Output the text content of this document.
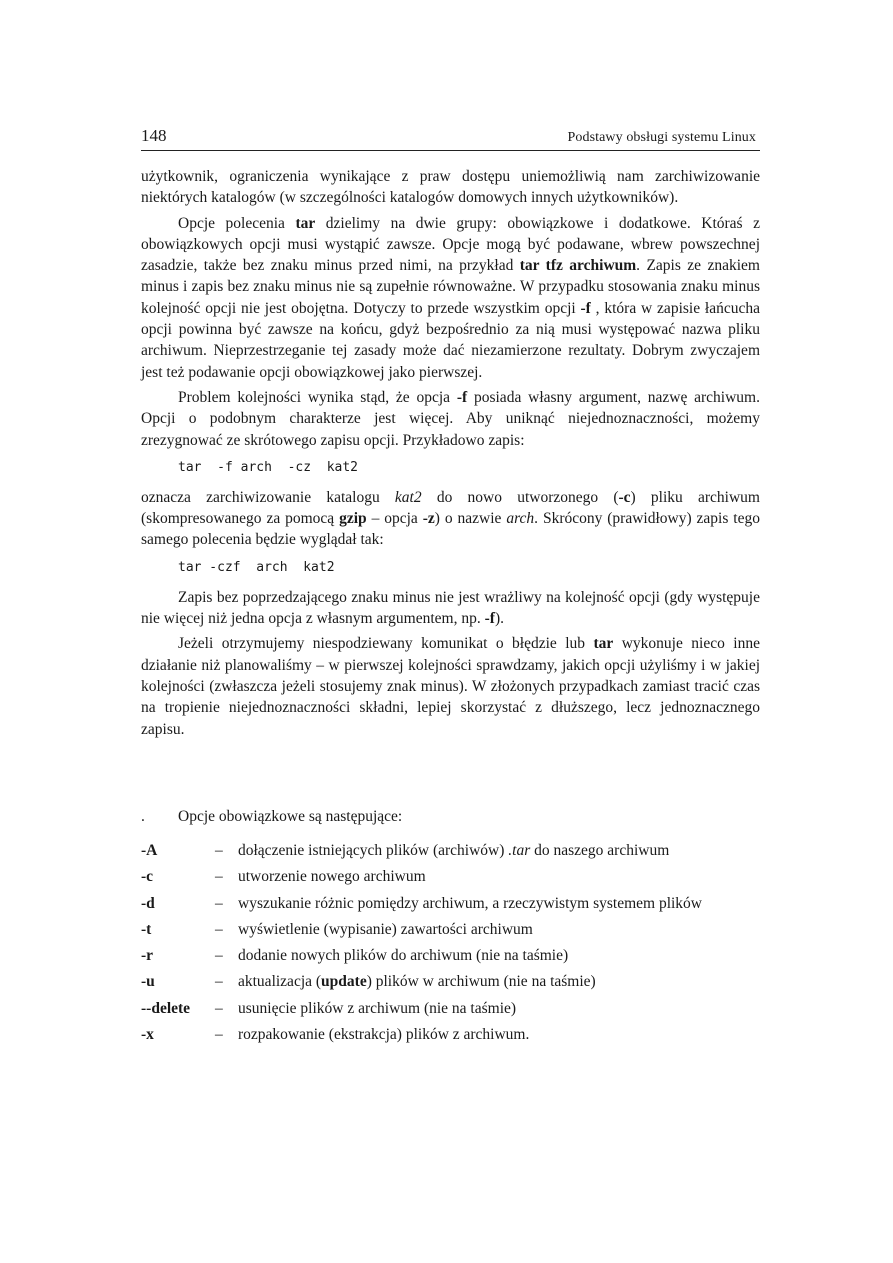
148	Podstawy obsługi systemu Linux

użytkownik, ograniczenia wynikające z praw dostępu uniemożliwią nam zarchiwizowanie niektórych katalogów (w szczególności katalogów domowych innych użytkowników).

Opcje polecenia tar dzielimy na dwie grupy: obowiązkowe i dodatkowe. Któraś z obowiązkowych opcji musi wystąpić zawsze. Opcje mogą być podawane, wbrew powszechnej zasadzie, także bez znaku minus przed nimi, na przykład tar tfz archiwum. Zapis ze znakiem minus i zapis bez znaku minus nie są zupełnie równoważne. W przypadku stosowania znaku minus kolejność opcji nie jest obojętna. Dotyczy to przede wszystkim opcji -f , która w zapisie łańcucha opcji powinna być zawsze na końcu, gdyż bezpośrednio za nią musi występować nazwa pliku archiwum. Nieprzestrzeganie tej zasady może dać niezamierzone rezultaty. Dobrym zwyczajem jest też podawanie opcji obowiązkowej jako pierwszej.

Problem kolejności wynika stąd, że opcja -f posiada własny argument, nazwę archiwum. Opcji o podobnym charakterze jest więcej. Aby uniknąć niejednoznaczności, możemy zrezygnować ze skrótowego zapisu opcji. Przykładowo zapis:

tar  -f arch  -cz  kat2

oznacza zarchiwizowanie katalogu kat2 do nowo utworzonego (-c) pliku archiwum (skompresowanego za pomocą gzip – opcja -z) o nazwie arch. Skrócony (prawidłowy) zapis tego samego polecenia będzie wyglądał tak:

tar -czf  arch  kat2

Zapis bez poprzedzającego znaku minus nie jest wrażliwy na kolejność opcji (gdy występuje nie więcej niż jedna opcja z własnym argumentem, np. -f).

Jeżeli otrzymujemy niespodziewany komunikat o błędzie lub tar wykonuje nieco inne działanie niż planowaliśmy – w pierwszej kolejności sprawdzamy, jakich opcji użyliśmy i w jakiej kolejności (zwłaszcza jeżeli stosujemy znak minus). W złożonych przypadkach zamiast tracić czas na tropienie niejednoznaczności składni, lepiej skorzystać z dłuższego, lecz jednoznacznego zapisu.

. Opcje obowiązkowe są następujące:
-A	– dołączenie istniejących plików (archiwów) .tar do naszego archiwum
-c	– utworzenie nowego archiwum
-d	– wyszukanie różnic pomiędzy archiwum, a rzeczywistym systemem plików
-t	– wyświetlenie (wypisanie) zawartości archiwum
-r	– dodanie nowych plików do archiwum (nie na taśmie)
-u	– aktualizacja (update) plików w archiwum (nie na taśmie)
--delete – usunięcie plików z archiwum (nie na taśmie)
-x	– rozpakowanie (ekstrakcja) plików z archiwum.
